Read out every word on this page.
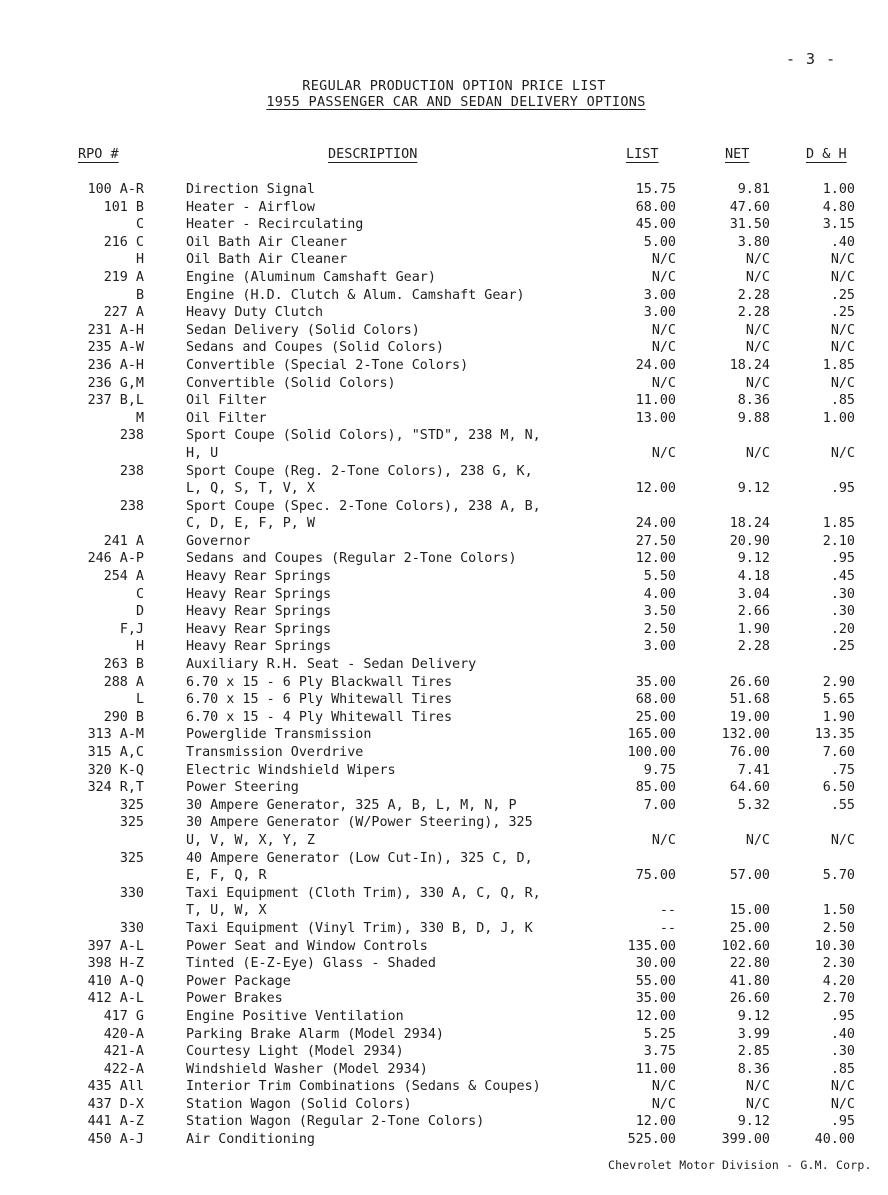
- 3 -
REGULAR PRODUCTION OPTION PRICE LIST
1955 PASSENGER CAR AND SEDAN DELIVERY OPTIONS
RPO #	DESCRIPTION	LIST	NET	D & H
100 A-R	Direction Signal	15.75	9.81	1.00
101 B	Heater - Airflow	68.00	47.60	4.80
C	Heater - Recirculating	45.00	31.50	3.15
216 C	Oil Bath Air Cleaner	5.00	3.80	.40
H	Oil Bath Air Cleaner	N/C	N/C	N/C
219 A	Engine (Aluminum Camshaft Gear)	N/C	N/C	N/C
B	Engine (H.D. Clutch & Alum. Camshaft Gear)	3.00	2.28	.25
227 A	Heavy Duty Clutch	3.00	2.28	.25
231 A-H	Sedan Delivery (Solid Colors)	N/C	N/C	N/C
235 A-W	Sedans and Coupes (Solid Colors)	N/C	N/C	N/C
236 A-H	Convertible (Special 2-Tone Colors)	24.00	18.24	1.85
236 G,M	Convertible (Solid Colors)	N/C	N/C	N/C
237 B,L	Oil Filter	11.00	8.36	.85
M	Oil Filter	13.00	9.88	1.00
238	Sport Coupe (Solid Colors), "STD", 238 M, N,
H, U	N/C	N/C	N/C
238	Sport Coupe (Reg. 2-Tone Colors), 238 G, K,
L, Q, S, T, V, X	12.00	9.12	.95
238	Sport Coupe (Spec. 2-Tone Colors), 238 A, B,
C, D, E, F, P, W	24.00	18.24	1.85
241 A	Governor	27.50	20.90	2.10
246 A-P	Sedans and Coupes (Regular 2-Tone Colors)	12.00	9.12	.95
254 A	Heavy Rear Springs	5.50	4.18	.45
C	Heavy Rear Springs	4.00	3.04	.30
D	Heavy Rear Springs	3.50	2.66	.30
F,J	Heavy Rear Springs	2.50	1.90	.20
H	Heavy Rear Springs	3.00	2.28	.25
263 B	Auxiliary R.H. Seat - Sedan Delivery
288 A	6.70 x 15 - 6 Ply Blackwall Tires	35.00	26.60	2.90
L	6.70 x 15 - 6 Ply Whitewall Tires	68.00	51.68	5.65
290 B	6.70 x 15 - 4 Ply Whitewall Tires	25.00	19.00	1.90
313 A-M	Powerglide Transmission	165.00	132.00	13.35
315 A,C	Transmission Overdrive	100.00	76.00	7.60
320 K-Q	Electric Windshield Wipers	9.75	7.41	.75
324 R,T	Power Steering	85.00	64.60	6.50
325	30 Ampere Generator, 325 A, B, L, M, N, P	7.00	5.32	.55
325	30 Ampere Generator (W/Power Steering), 325
U, V, W, X, Y, Z	N/C	N/C	N/C
325	40 Ampere Generator (Low Cut-In), 325 C, D,
E, F, Q, R	75.00	57.00	5.70
330	Taxi Equipment (Cloth Trim), 330 A, C, Q, R,
T, U, W, X	--	15.00	1.50
330	Taxi Equipment (Vinyl Trim), 330 B, D, J, K	--	25.00	2.50
397 A-L	Power Seat and Window Controls	135.00	102.60	10.30
398 H-Z	Tinted (E-Z-Eye) Glass - Shaded	30.00	22.80	2.30
410 A-Q	Power Package	55.00	41.80	4.20
412 A-L	Power Brakes	35.00	26.60	2.70
417 G	Engine Positive Ventilation	12.00	9.12	.95
420-A	Parking Brake Alarm (Model 2934)	5.25	3.99	.40
421-A	Courtesy Light (Model 2934)	3.75	2.85	.30
422-A	Windshield Washer (Model 2934)	11.00	8.36	.85
435 All	Interior Trim Combinations (Sedans & Coupes)	N/C	N/C	N/C
437 D-X	Station Wagon (Solid Colors)	N/C	N/C	N/C
441 A-Z	Station Wagon (Regular 2-Tone Colors)	12.00	9.12	.95
450 A-J	Air Conditioning	525.00	399.00	40.00
Chevrolet Motor Division - G.M. Corp.
